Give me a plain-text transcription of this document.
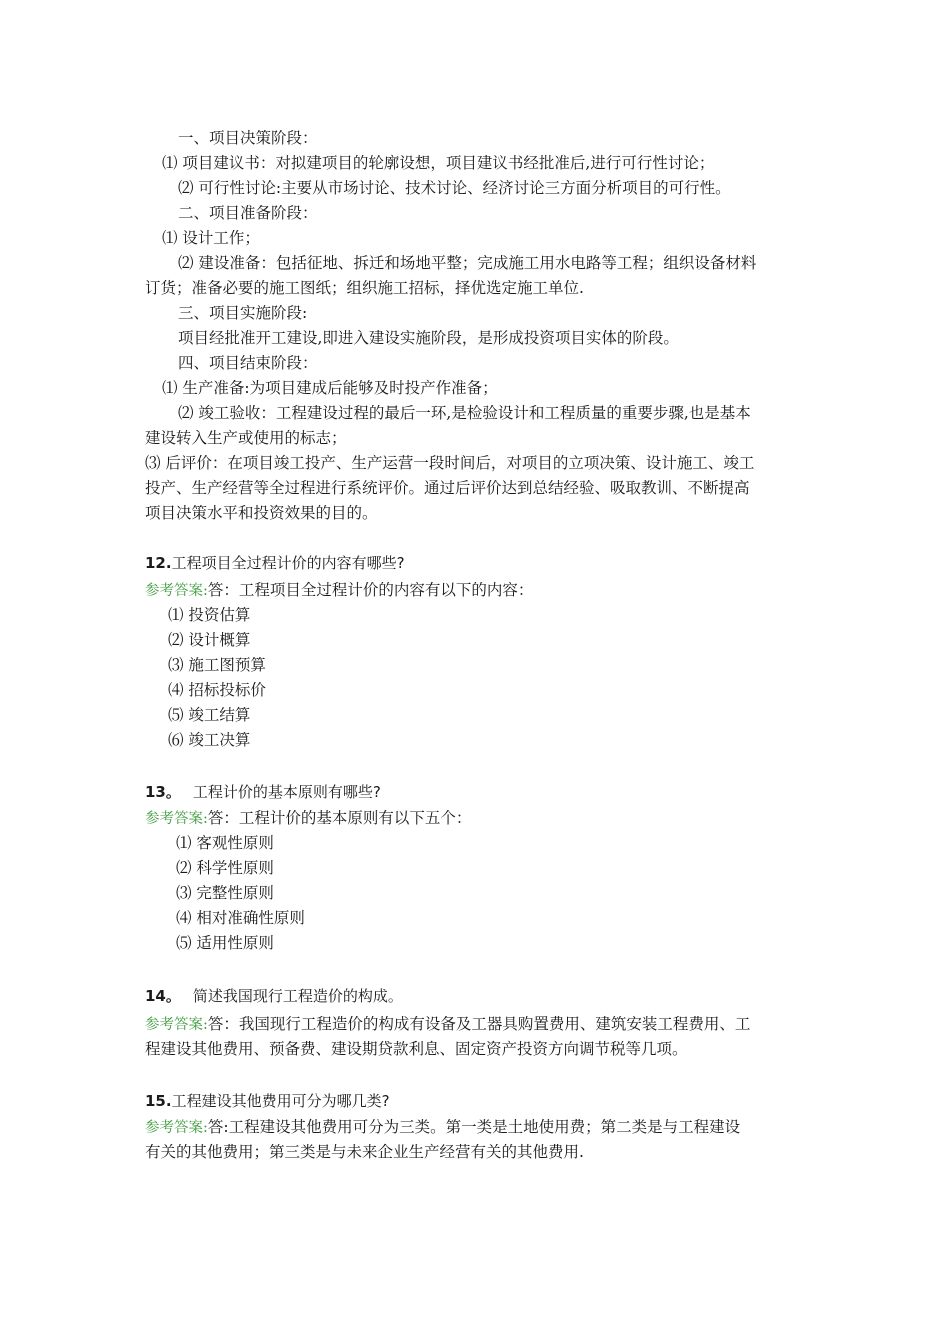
一、项目决策阶段：
⑴ 项目建议书：对拟建项目的轮廓设想，项目建议书经批准后,进行可行性讨论；
⑵ 可行性讨论:主要从市场讨论、技术讨论、经济讨论三方面分析项目的可行性。
二、项目准备阶段：
⑴ 设计工作；
⑵ 建设准备：包括征地、拆迁和场地平整；完成施工用水电路等工程；组织设备材料
订货；准备必要的施工图纸；组织施工招标，择优选定施工单位.
三、项目实施阶段:
项目经批准开工建设,即进入建设实施阶段，是形成投资项目实体的阶段。
四、项目结束阶段：
⑴ 生产准备:为项目建成后能够及时投产作准备；
⑵ 竣工验收：工程建设过程的最后一环,是检验设计和工程质量的重要步骤,也是基本
建设转入生产或使用的标志；
⑶ 后评价：在项目竣工投产、生产运营一段时间后，对项目的立项决策、设计施工、竣工
投产、生产经营等全过程进行系统评价。通过后评价达到总结经验、吸取教训、不断提高
项目决策水平和投资效果的目的。
12.工程项目全过程计价的内容有哪些?
参考答案:答：工程项目全过程计价的内容有以下的内容：
⑴ 投资估算
⑵ 设计概算
⑶ 施工图预算
⑷ 招标投标价
⑸ 竣工结算
⑹ 竣工决算
13。 工程计价的基本原则有哪些?
参考答案:答：工程计价的基本原则有以下五个：
⑴ 客观性原则
⑵ 科学性原则
⑶ 完整性原则
⑷ 相对准确性原则
⑸ 适用性原则
14。 简述我国现行工程造价的构成。
参考答案:答：我国现行工程造价的构成有设备及工器具购置费用、建筑安装工程费用、工
程建设其他费用、预备费、建设期贷款利息、固定资产投资方向调节税等几项。
15.工程建设其他费用可分为哪几类?
参考答案:答:工程建设其他费用可分为三类。第一类是土地使用费；第二类是与工程建设
有关的其他费用；第三类是与未来企业生产经营有关的其他费用.
